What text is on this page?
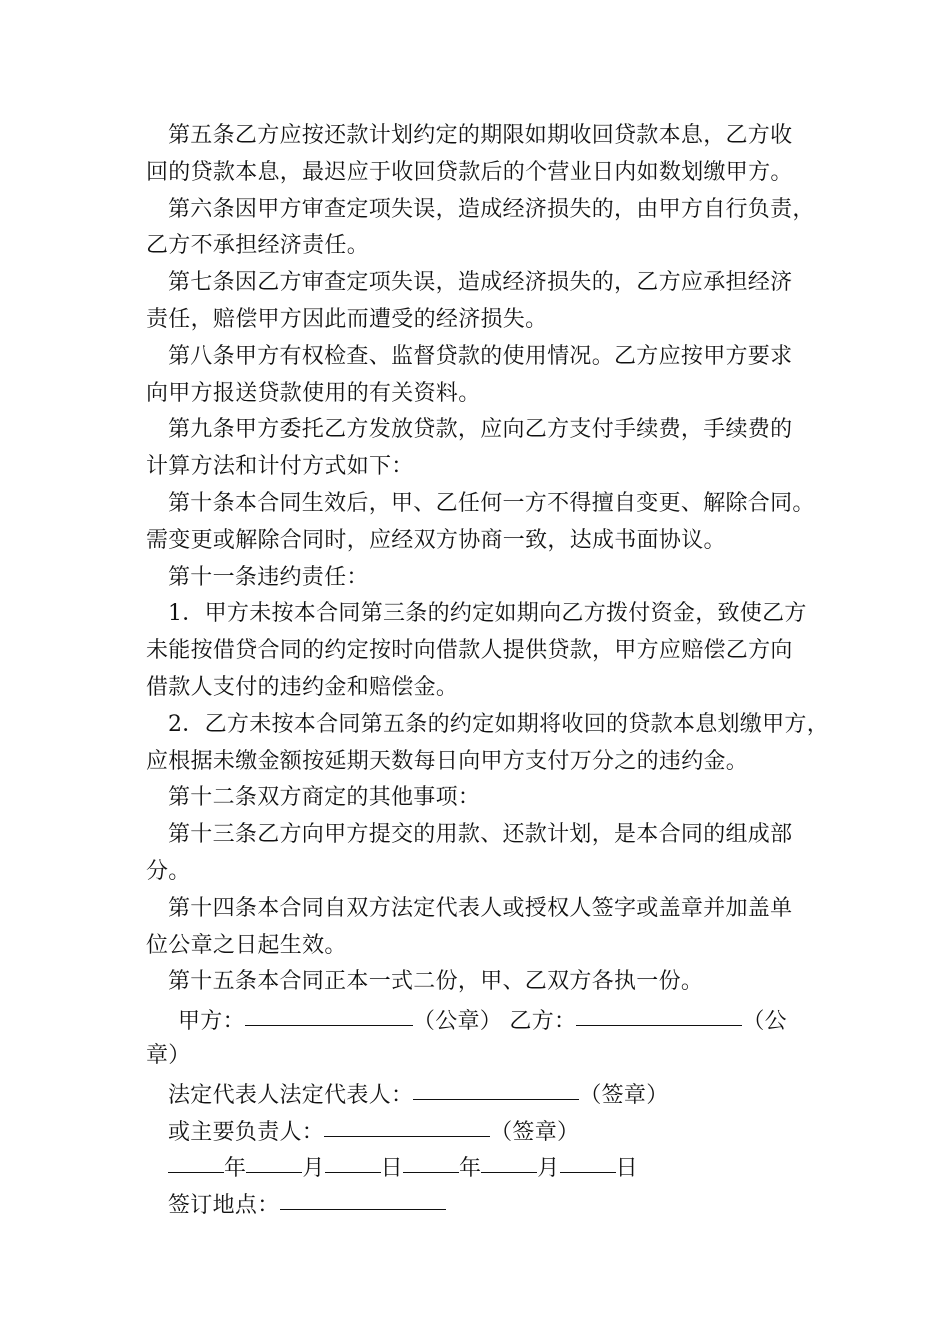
第五条乙方应按还款计划约定的期限如期收回贷款本息，乙方收
回的贷款本息，最迟应于收回贷款后的个营业日内如数划缴甲方。
第六条因甲方审查定项失误，造成经济损失的，由甲方自行负责，
乙方不承担经济责任。
第七条因乙方审查定项失误，造成经济损失的，乙方应承担经济
责任，赔偿甲方因此而遭受的经济损失。
第八条甲方有权检查、监督贷款的使用情况。乙方应按甲方要求
向甲方报送贷款使用的有关资料。
第九条甲方委托乙方发放贷款，应向乙方支付手续费，手续费的
计算方法和计付方式如下：
第十条本合同生效后，甲、乙任何一方不得擅自变更、解除合同。
需变更或解除合同时，应经双方协商一致，达成书面协议。
第十一条违约责任：
1．甲方未按本合同第三条的约定如期向乙方拨付资金，致使乙方
未能按借贷合同的约定按时向借款人提供贷款，甲方应赔偿乙方向
借款人支付的违约金和赔偿金。
2．乙方未按本合同第五条的约定如期将收回的贷款本息划缴甲方，
应根据未缴金额按延期天数每日向甲方支付万分之的违约金。
第十二条双方商定的其他事项：
第十三条乙方向甲方提交的用款、还款计划，是本合同的组成部
分。
第十四条本合同自双方法定代表人或授权人签字或盖章并加盖单
位公章之日起生效。
第十五条本合同正本一式二份，甲、乙双方各执一份。
甲方：	（公章） 乙方：	（公
章）
法定代表人法定代表人：	（签章）
或主要负责人：	（签章）
年	月	日	年	月	日
签订地点：
